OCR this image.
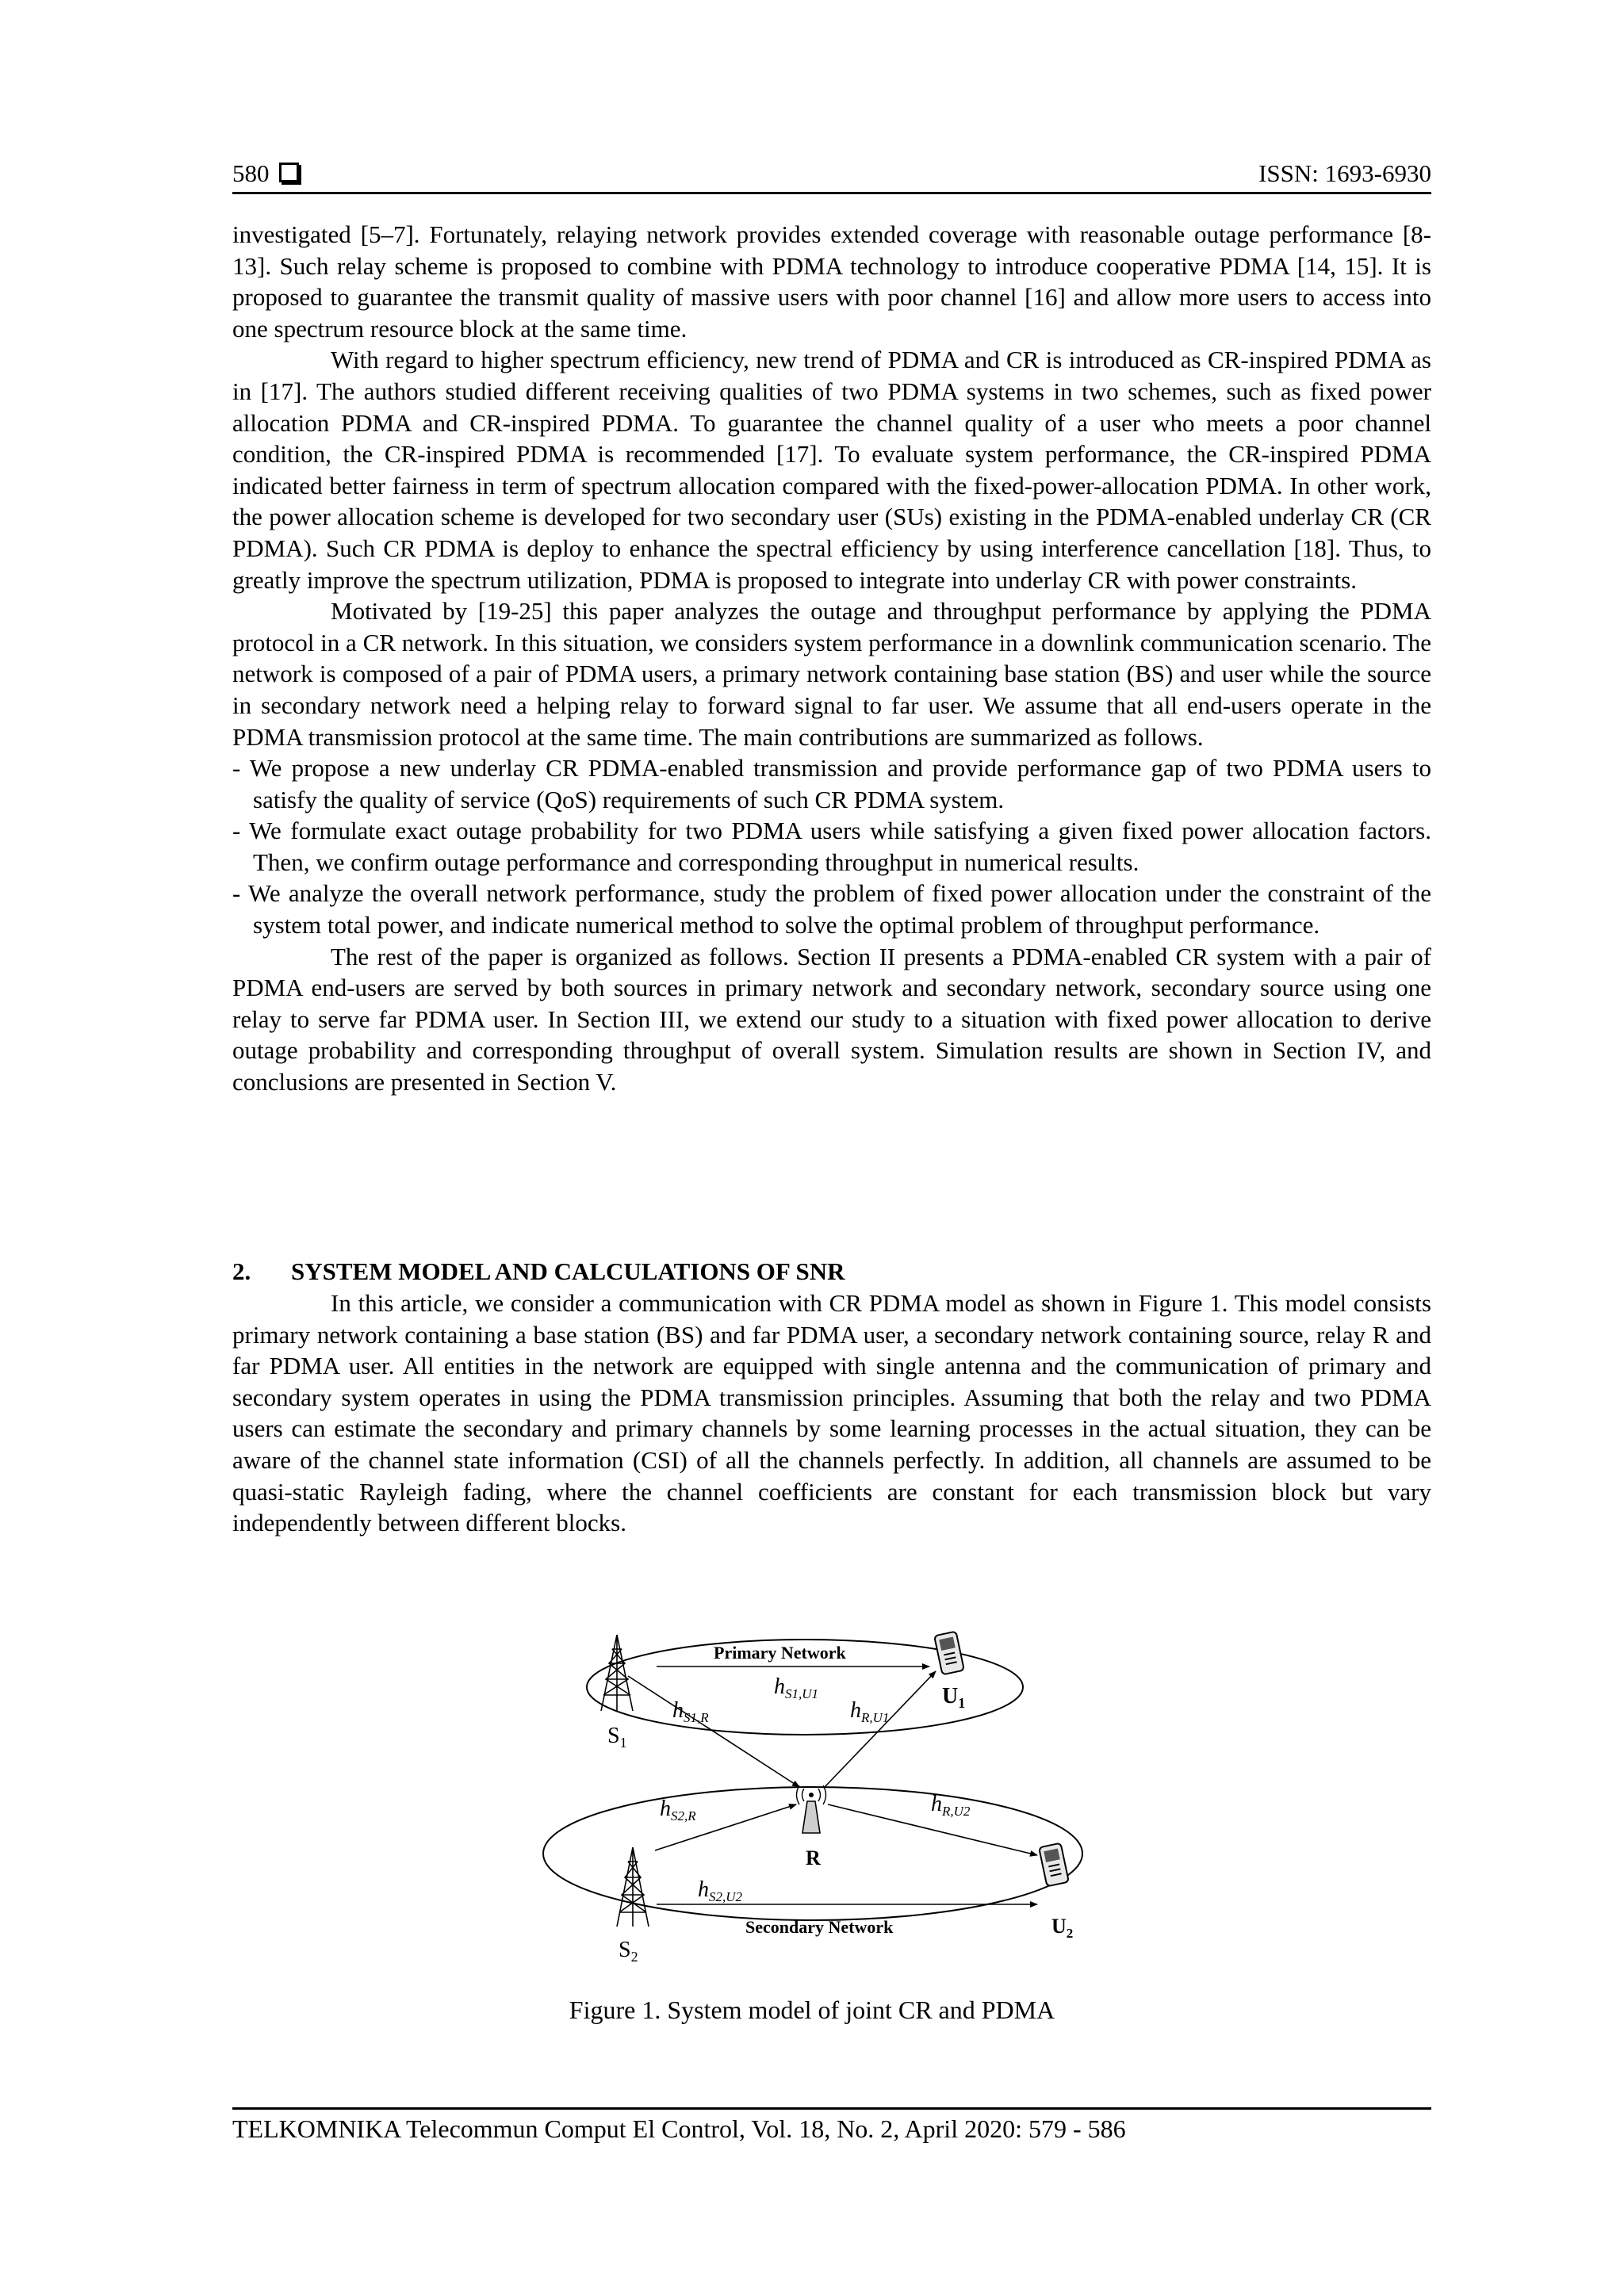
580	ISSN: 1693-6930

investigated [5–7]. Fortunately, relaying network provides extended coverage with reasonable outage performance [8-13]. Such relay scheme is proposed to combine with PDMA technology to introduce cooperative PDMA [14, 15]. It is proposed to guarantee the transmit quality of massive users with poor channel [16] and allow more users to access into one spectrum resource block at the same time.

With regard to higher spectrum efficiency, new trend of PDMA and CR is introduced as CR-inspired PDMA as in [17]. The authors studied different receiving qualities of two PDMA systems in two schemes, such as fixed power allocation PDMA and CR-inspired PDMA. To guarantee the channel quality of a user who meets a poor channel condition, the CR-inspired PDMA is recommended [17]. To evaluate system performance, the CR-inspired PDMA indicated better fairness in term of spectrum allocation compared with the fixed-power-allocation PDMA. In other work, the power allocation scheme is developed for two secondary user (SUs) existing in the PDMA-enabled underlay CR (CR PDMA). Such CR PDMA is deploy to enhance the spectral efficiency by using interference cancellation [18]. Thus, to greatly improve the spectrum utilization, PDMA is proposed to integrate into underlay CR with power constraints.

Motivated by [19-25] this paper analyzes the outage and throughput performance by applying the PDMA protocol in a CR network. In this situation, we considers system performance in a downlink communication scenario. The network is composed of a pair of PDMA users, a primary network containing base station (BS) and user while the source in secondary network need a helping relay to forward signal to far user. We assume that all end-users operate in the PDMA transmission protocol at the same time. The main contributions are summarized as follows.

- We propose a new underlay CR PDMA-enabled transmission and provide performance gap of two PDMA users to satisfy the quality of service (QoS) requirements of such CR PDMA system.

- We formulate exact outage probability for two PDMA users while satisfying a given fixed power allocation factors. Then, we confirm outage performance and corresponding throughput in numerical results.

- We analyze the overall network performance, study the problem of fixed power allocation under the constraint of the system total power, and indicate numerical method to solve the optimal problem of throughput performance.

The rest of the paper is organized as follows. Section II presents a PDMA-enabled CR system with a pair of PDMA end-users are served by both sources in primary network and secondary network, secondary source using one relay to serve far PDMA user. In Section III, we extend our study to a situation with fixed power allocation to derive outage probability and corresponding throughput of overall system. Simulation results are shown in Section IV, and conclusions are presented in Section V.

2. SYSTEM MODEL AND CALCULATIONS OF SNR

In this article, we consider a communication with CR PDMA model as shown in Figure 1. This model consists primary network containing a base station (BS) and far PDMA user, a secondary network containing source, relay R and far PDMA user. All entities in the network are equipped with single antenna and the communication of primary and secondary system operates in using the PDMA transmission principles. Assuming that both the relay and two PDMA users can estimate the secondary and primary channels by some learning processes in the actual situation, they can be aware of the channel state information (CSI) of all the channels perfectly. In addition, all channels are assumed to be quasi-static Rayleigh fading, where the channel coefficients are constant for each transmission block but vary independently between different blocks.

Primary Network
Secondary Network
$S_1$
$S_2$
$U_1$
$U_2$
R
$h_{S1,U1}$
$h_{S1,R}$	$h_{R,U1}$
$h_{S2,R}$	$h_{R,U2}$
$h_{S2,U2}$
Figure 1. System model of joint CR and PDMA
TELKOMNIKA Telecommun Comput El Control, Vol. 18, No. 2, April 2020: 579 - 586
